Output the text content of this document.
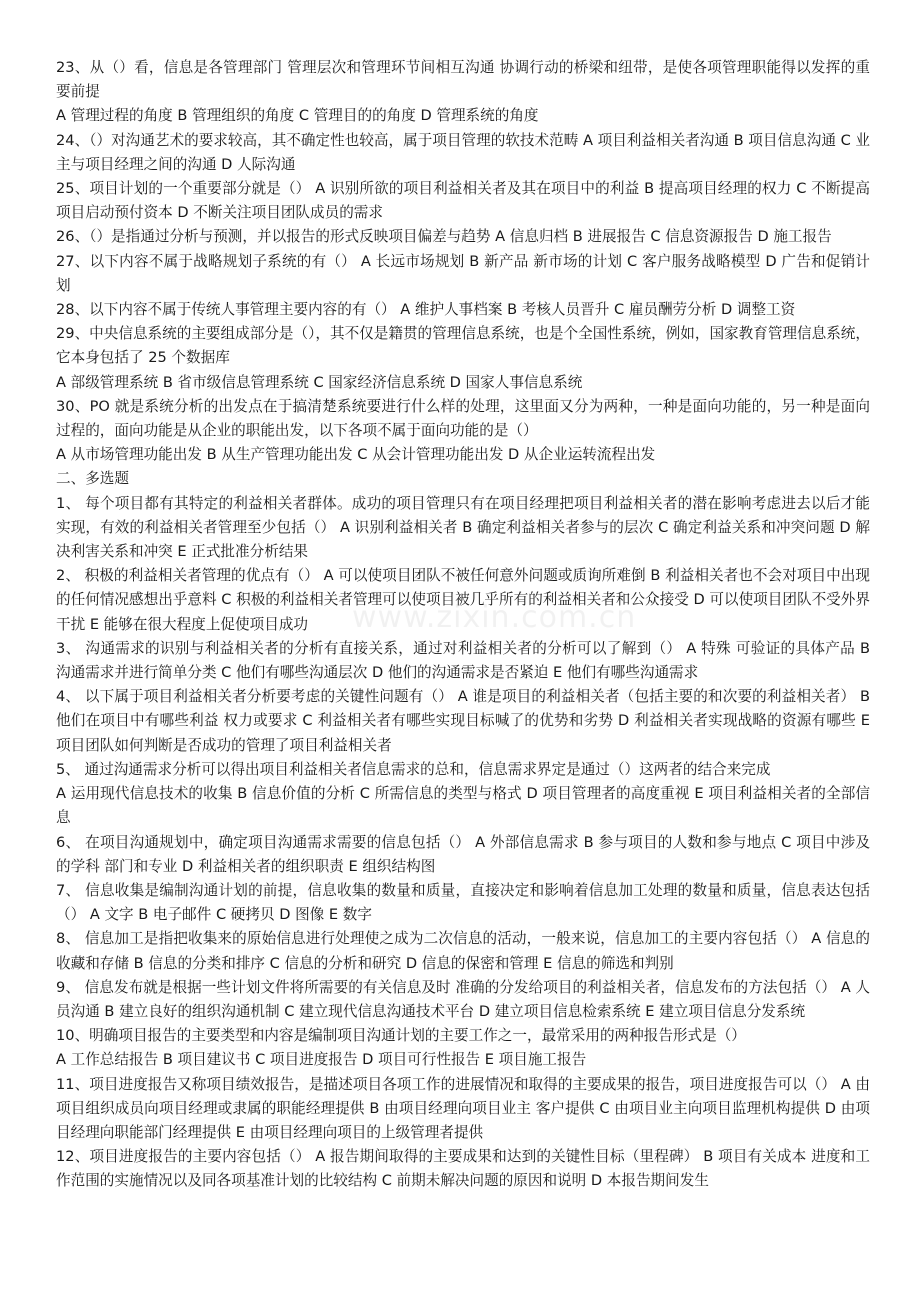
www.zixin.com.cn

23、从（）看，信息是各管理部门 管理层次和管理环节间相互沟通 协调行动的桥梁和纽带，是使各项管理职能得以发挥的重要前提

A 管理过程的角度 B 管理组织的角度 C 管理目的的角度 D 管理系统的角度

24、（）对沟通艺术的要求较高，其不确定性也较高，属于项目管理的软技术范畴 A 项目利益相关者沟通 B 项目信息沟通 C 业主与项目经理之间的沟通 D 人际沟通

25、项目计划的一个重要部分就是（） A 识别所欲的项目利益相关者及其在项目中的利益 B 提高项目经理的权力 C 不断提高项目启动预付资本 D 不断关注项目团队成员的需求

26、（）是指通过分析与预测，并以报告的形式反映项目偏差与趋势 A 信息归档 B 进展报告 C 信息资源报告 D 施工报告

27、以下内容不属于战略规划子系统的有（） A 长远市场规划 B 新产品 新市场的计划 C 客户服务战略模型 D 广告和促销计划

28、以下内容不属于传统人事管理主要内容的有（） A 维护人事档案 B 考核人员晋升 C 雇员酬劳分析 D 调整工资

29、中央信息系统的主要组成部分是（），其不仅是籍贯的管理信息系统，也是个全国性系统，例如，国家教育管理信息系统，它本身包括了 25 个数据库

A 部级管理系统 B 省市级信息管理系统 C 国家经济信息系统 D 国家人事信息系统

30、PO 就是系统分析的出发点在于搞清楚系统要进行什么样的处理，这里面又分为两种，一种是面向功能的，另一种是面向过程的，面向功能是从企业的职能出发，以下各项不属于面向功能的是（）

A 从市场管理功能出发 B 从生产管理功能出发 C 从会计管理功能出发 D 从企业运转流程出发

二、多选题

1、 每个项目都有其特定的利益相关者群体。成功的项目管理只有在项目经理把项目利益相关者的潜在影响考虑进去以后才能实现，有效的利益相关者管理至少包括（） A 识别利益相关者 B 确定利益相关者参与的层次 C 确定利益关系和冲突问题 D 解决利害关系和冲突 E 正式批准分析结果

2、 积极的利益相关者管理的优点有（） A 可以使项目团队不被任何意外问题或质询所难倒 B 利益相关者也不会对项目中出现的任何情况感想出乎意料 C 积极的利益相关者管理可以使项目被几乎所有的利益相关者和公众接受 D 可以使项目团队不受外界干扰 E 能够在很大程度上促使项目成功

3、 沟通需求的识别与利益相关者的分析有直接关系，通过对利益相关者的分析可以了解到（） A 特殊 可验证的具体产品 B 沟通需求并进行简单分类 C 他们有哪些沟通层次 D 他们的沟通需求是否紧迫 E 他们有哪些沟通需求

4、 以下属于项目利益相关者分析要考虑的关键性问题有（） A 谁是项目的利益相关者（包括主要的和次要的利益相关者） B 他们在项目中有哪些利益 权力或要求 C 利益相关者有哪些实现目标喊了的优势和劣势 D 利益相关者实现战略的资源有哪些 E 项目团队如何判断是否成功的管理了项目利益相关者

5、 通过沟通需求分析可以得出项目利益相关者信息需求的总和，信息需求界定是通过（）这两者的结合来完成

A 运用现代信息技术的收集 B 信息价值的分析 C 所需信息的类型与格式 D 项目管理者的高度重视 E 项目利益相关者的全部信息

6、 在项目沟通规划中，确定项目沟通需求需要的信息包括（） A 外部信息需求 B 参与项目的人数和参与地点 C 项目中涉及的学科 部门和专业 D 利益相关者的组织职责 E 组织结构图

7、 信息收集是编制沟通计划的前提，信息收集的数量和质量，直接决定和影响着信息加工处理的数量和质量，信息表达包括（） A 文字 B 电子邮件 C 硬拷贝 D 图像 E 数字

8、 信息加工是指把收集来的原始信息进行处理使之成为二次信息的活动，一般来说，信息加工的主要内容包括（） A 信息的收藏和存储 B 信息的分类和排序 C 信息的分析和研究 D 信息的保密和管理 E 信息的筛选和判别

9、 信息发布就是根据一些计划文件将所需要的有关信息及时 准确的分发给项目的利益相关者，信息发布的方法包括（） A 人员沟通 B 建立良好的组织沟通机制 C 建立现代信息沟通技术平台 D 建立项目信息检索系统 E 建立项目信息分发系统

10、明确项目报告的主要类型和内容是编制项目沟通计划的主要工作之一，最常采用的两种报告形式是（）

A 工作总结报告 B 项目建议书 C 项目进度报告 D 项目可行性报告 E 项目施工报告

11、项目进度报告又称项目绩效报告，是描述项目各项工作的进展情况和取得的主要成果的报告，项目进度报告可以（） A 由项目组织成员向项目经理或隶属的职能经理提供 B 由项目经理向项目业主 客户提供 C 由项目业主向项目监理机构提供 D 由项目经理向职能部门经理提供 E 由项目经理向项目的上级管理者提供

12、项目进度报告的主要内容包括（） A 报告期间取得的主要成果和达到的关键性目标（里程碑） B 项目有关成本 进度和工作范围的实施情况以及同各项基准计划的比较结构 C 前期未解决问题的原因和说明 D 本报告期间发生
